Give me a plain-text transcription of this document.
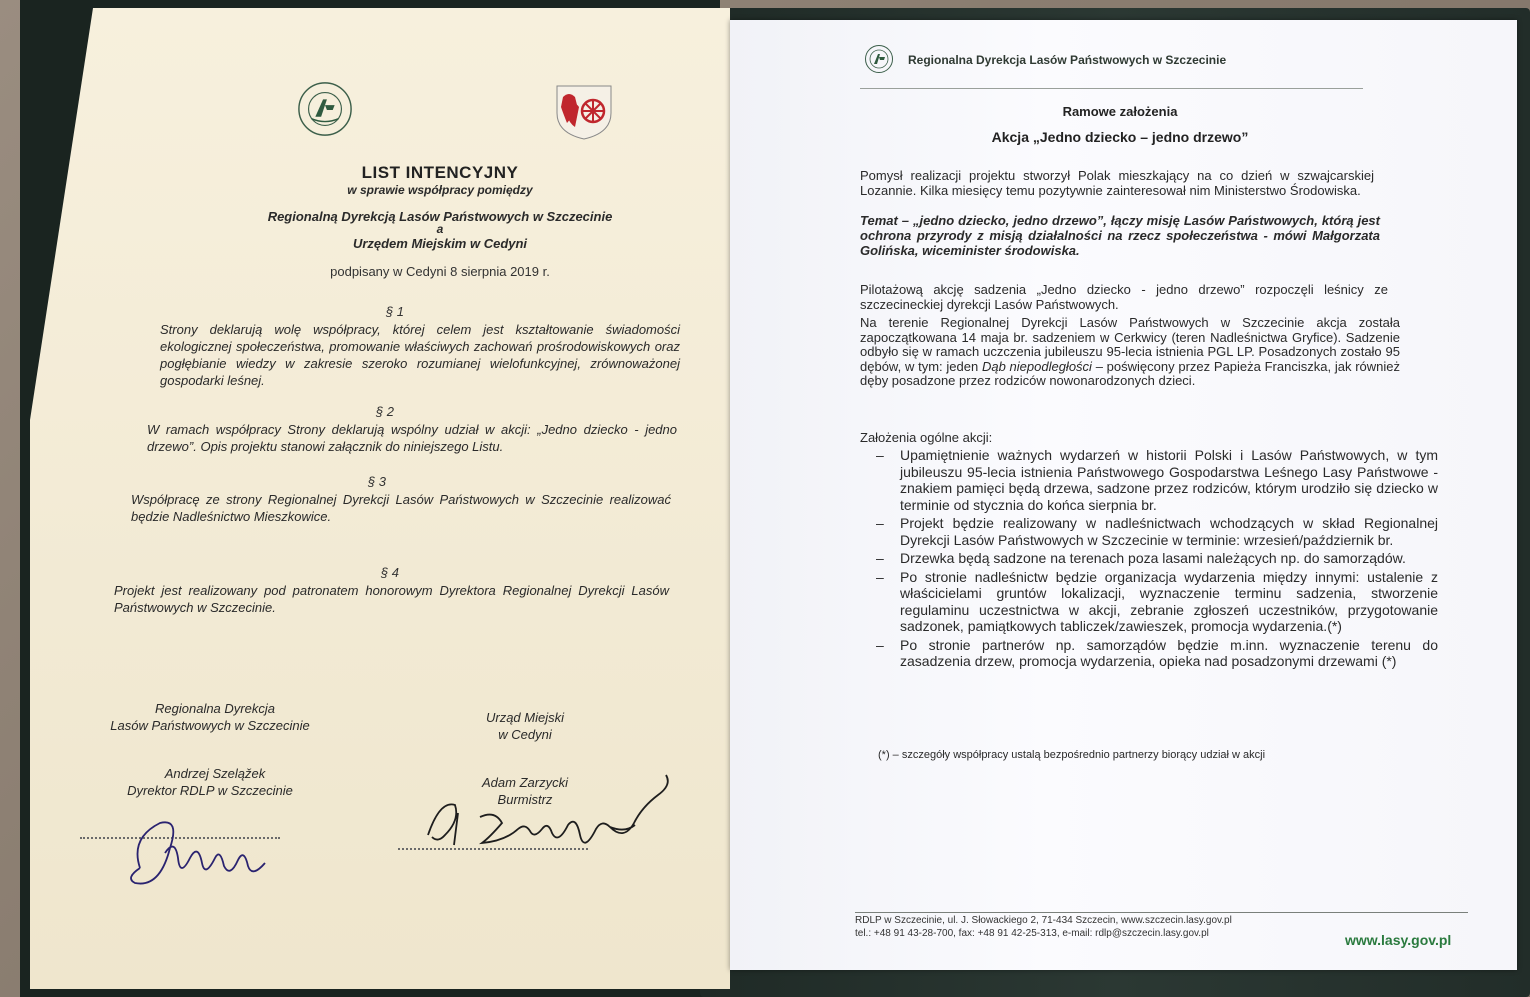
LIST INTENCYJNY
w sprawie współpracy pomiędzy
Regionalną Dyrekcją Lasów Państwowych w Szczecinie
a
Urzędem Miejskim w Cedyni
podpisany w Cedyni 8 sierpnia 2019 r.
§ 1
Strony deklarują wolę współpracy, której celem jest kształtowanie świadomości ekologicznej społeczeństwa, promowanie właściwych zachowań prośrodowiskowych oraz pogłębianie wiedzy w zakresie szeroko rozumianej wielofunkcyjnej, zrównoważonej gospodarki leśnej.
§ 2
W ramach współpracy Strony deklarują wspólny udział w akcji: „Jedno dziecko - jedno drzewo”. Opis projektu stanowi załącznik do niniejszego Listu.
§ 3
Współpracę ze strony Regionalnej Dyrekcji Lasów Państwowych w Szczecinie realizować będzie Nadleśnictwo Mieszkowice.
§ 4
Projekt jest realizowany pod patronatem honorowym Dyrektora Regionalnej Dyrekcji Lasów Państwowych w Szczecinie.
Regionalna Dyrekcja
Lasów Państwowych w Szczecinie
Andrzej Szeląžek
Dyrektor RDLP w Szczecinie
Urząd Miejski
w Cedyni
Adam Zarzycki
Burmistrz
Regionalna Dyrekcja Lasów Państwowych w Szczecinie
Ramowe założenia
Akcja „Jedno dziecko – jedno drzewo”
Pomysł realizacji projektu stworzył Polak mieszkający na co dzień w szwajcarskiej Lozannie. Kilka miesięcy temu pozytywnie zainteresował nim Ministerstwo Środowiska.
Temat – „jedno dziecko, jedno drzewo”, łączy misję Lasów Państwowych, którą jest ochrona przyrody z misją działalności na rzecz społeczeństwa - mówi Małgorzata Golińska, wiceminister środowiska.
Pilotażową akcję sadzenia „Jedno dziecko - jedno drzewo” rozpoczęli leśnicy ze szczecineckiej dyrekcji Lasów Państwowych.
Na terenie Regionalnej Dyrekcji Lasów Państwowych w Szczecinie akcja została zapoczątkowana 14 maja br. sadzeniem w Cerkwicy (teren Nadleśnictwa Gryfice). Sadzenie odbyło się w ramach uczczenia jubileuszu 95-lecia istnienia PGL LP. Posadzonych zostało 95 dębów, w tym: jeden Dąb niepodległości – poświęcony przez Papieża Franciszka, jak również dęby posadzone przez rodziców nowonarodzonych dzieci.
Założenia ogólne akcji:
– Upamiętnienie ważnych wydarzeń w historii Polski i Lasów Państwowych, w tym jubileuszu 95-lecia istnienia Państwowego Gospodarstwa Leśnego Lasy Państwowe - znakiem pamięci będą drzewa, sadzone przez rodziców, którym urodziło się dziecko w terminie od stycznia do końca sierpnia br.
– Projekt będzie realizowany w nadleśnictwach wchodzących w skład Regionalnej Dyrekcji Lasów Państwowych w Szczecinie w terminie: wrzesień/październik br.
– Drzewka będą sadzone na terenach poza lasami należących np. do samorządów.
– Po stronie nadleśnictw będzie organizacja wydarzenia między innymi: ustalenie z właścicielami gruntów lokalizacji, wyznaczenie terminu sadzenia, stworzenie regulaminu uczestnictwa w akcji, zebranie zgłoszeń uczestników, przygotowanie sadzonek, pamiątkowych tabliczek/zawieszek, promocja wydarzenia.(*)
– Po stronie partnerów np. samorządów będzie m.inn. wyznaczenie terenu do zasadzenia drzew, promocja wydarzenia, opieka nad posadzonymi drzewami (*)
(*) – szczegóły współpracy ustalą bezpośrednio partnerzy biorący udział w akcji
RDLP w Szczecinie, ul. J. Słowackiego 2, 71-434 Szczecin, www.szczecin.lasy.gov.pl
tel.: +48 91 43-28-700, fax: +48 91 42-25-313, e-mail: rdlp@szczecin.lasy.gov.pl	www.lasy.gov.pl
